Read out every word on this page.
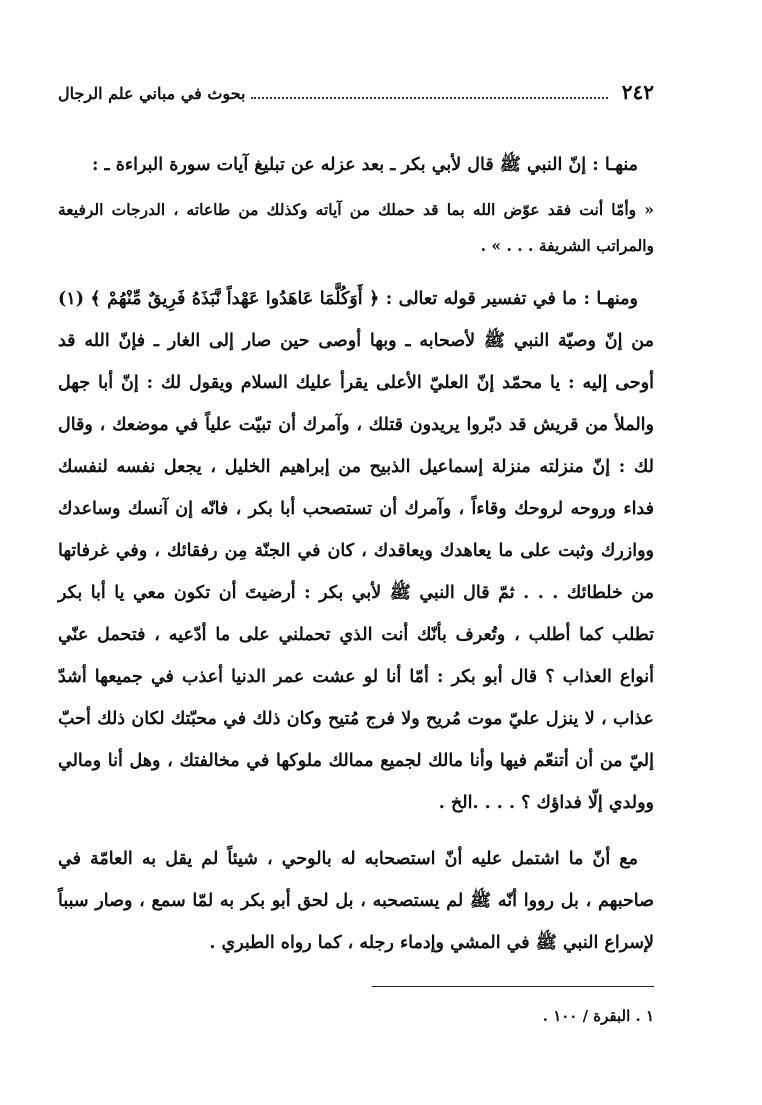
٢٤٢
بحوث في مباني علم الرجال

منهـا : إنّ النبي ﷺ قال لأبي بكر ـ بعد عزله عن تبليغ آيات سورة البراءة ـ :

« وأمّا أنت فقد عوّض الله بما قد حملك من آياته وكذلك من طاعاته ، الدرجات الرفيعة والمراتب الشريفة . . . » .

ومنهـا : ما في تفسير قوله تعالى : ﴿ أَوَكُلَّمَا عَاهَدُوا عَهْداً نَّبَذَهُ فَرِيقٌ مِّنْهُمْ ﴾ (١) من إنّ وصيّة النبي ﷺ لأصحابه ـ وبها أوصى حين صار إلى الغار ـ فإنّ الله قد أوحى إليه : يا محمّد إنّ العليّ الأعلى يقرأ عليك السلام ويقول لك : إنّ أبا جهل والملأ من قريش قد دبّروا يريدون قتلك ، وآمرك أن تبيّت علياً في موضعك ، وقال لك : إنّ منزلته منزلة إسماعيل الذبيح من إبراهيم الخليل ، يجعل نفسه لنفسك فداء وروحه لروحك وقاءاً ، وآمرك أن تستصحب أبا بكر ، فانّه إن آنسك وساعدك ووازرك وثبت على ما يعاهدك ويعاقدك ، كان في الجنّة مِن رفقائك ، وفي غرفاتها من خلطائك . . . ثمّ قال النبي ﷺ لأبي بكر : أرضيتَ أن تكون معي يا أبا بكر تطلب كما أطلب ، وتُعرف بأنّك أنت الذي تحملني على ما أدّعيه ، فتحمل عنّي أنواع العذاب ؟ قال أبو بكر : أمّا أنا لو عشت عمر الدنيا أعذب في جميعها أشدّ عذاب ، لا ينزل عليّ موت مُريح ولا فرج مُتيح وكان ذلك في محبّتك لكان ذلك أحبّ إليّ من أن أتنعّم فيها وأنا مالك لجميع ممالك ملوكها في مخالفتك ، وهل أنا ومالي وولدي إلّا فداؤك ؟ . . . .الخ .

مع أنّ ما اشتمل عليه أنّ استصحابه له بالوحي ، شيئاً لم يقل به العامّة في صاحبهم ، بل رووا أنّه ﷺ لم يستصحبه ، بل لحق أبو بكر به لمّا سمع ، وصار سبباً لإسراع النبي ﷺ في المشي وإدماء رجله ، كما رواه الطبري .

١ . البقرة / ١٠٠ .
